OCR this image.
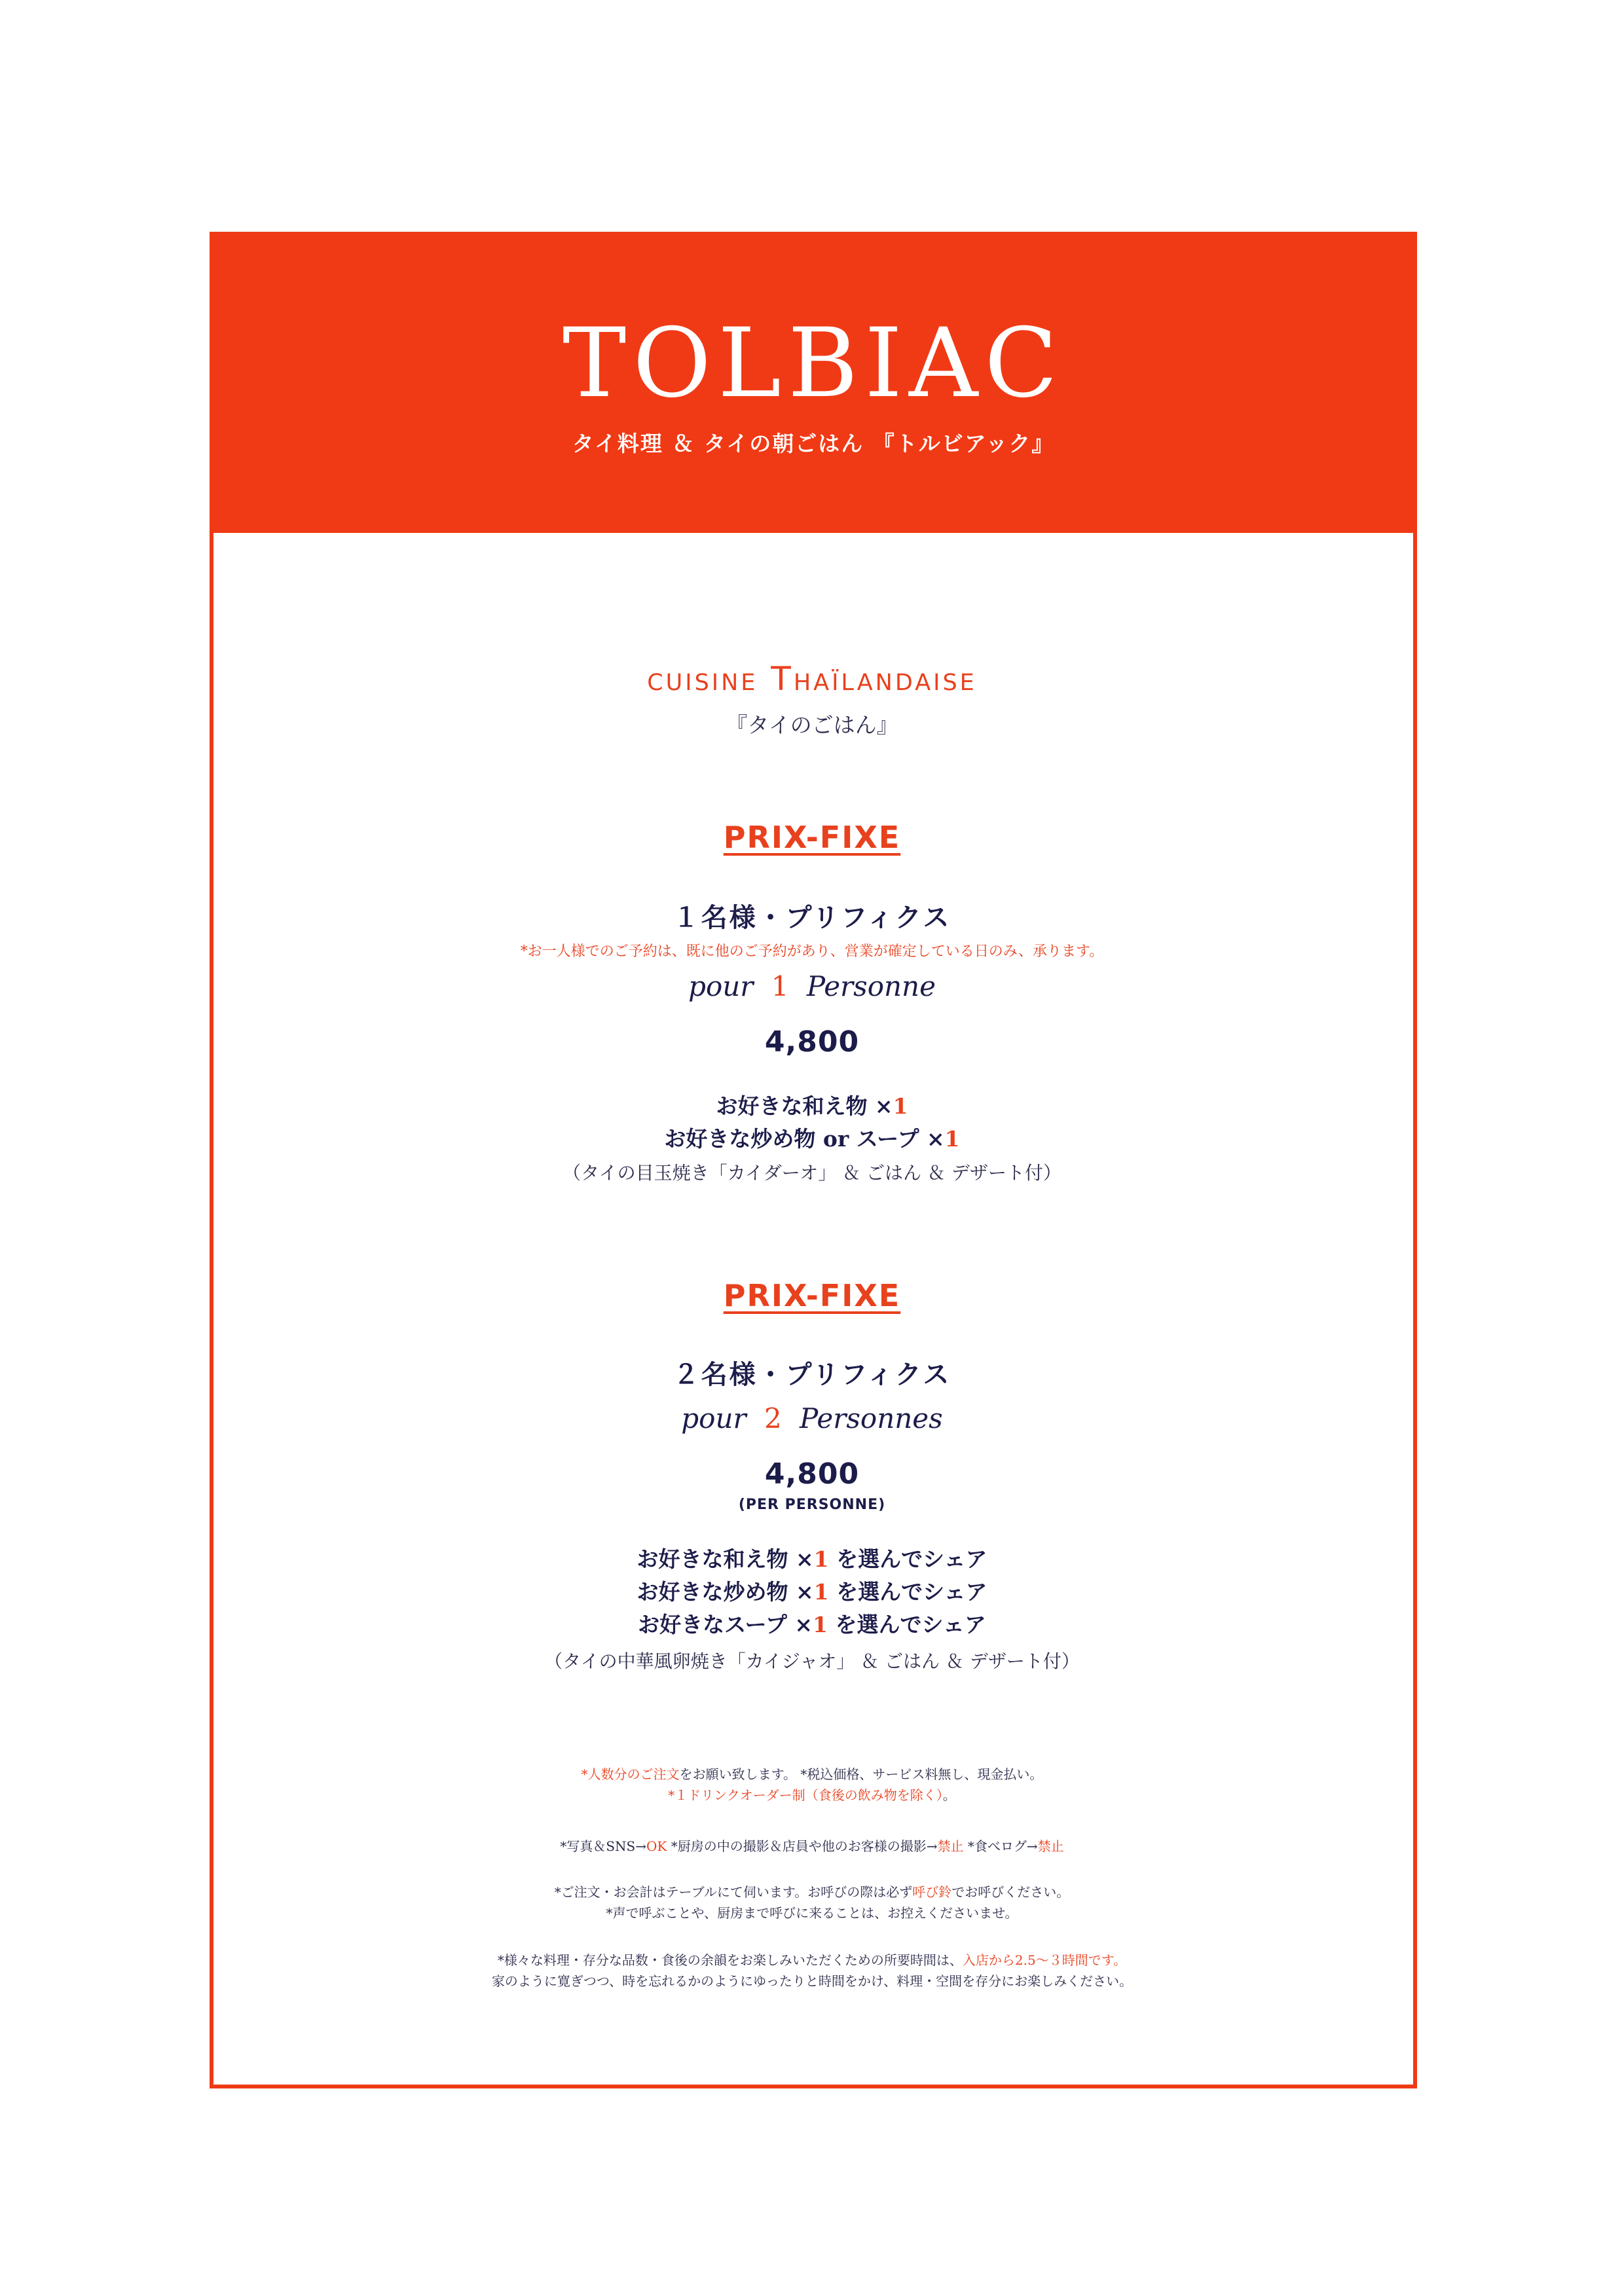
TOLBIAC
タイ料理 ＆ タイの朝ごはん 『トルビアック』
cuisine Thaïlandaise
『タイのごはん』
PRIX-FIXE
１名様・プリフィクス
*お一人様でのご予約は、既に他のご予約があり、営業が確定している日のみ、承ります。
pour 1 Personne
4,800
お好きな和え物 ×1
お好きな炒め物 or スープ ×1
（タイの目玉焼き「カイダーオ」 ＆ ごはん ＆ デザート付）
PRIX-FIXE
２名様・プリフィクス
pour 2 Personnes
4,800
(PER PERSONNE)
お好きな和え物 ×1 を選んでシェア
お好きな炒め物 ×1 を選んでシェア
お好きなスープ ×1 を選んでシェア
（タイの中華風卵焼き「カイジャオ」 ＆ ごはん ＆ デザート付）
*人数分のご注文をお願い致します。 *税込価格、サービス料無し、現金払い。
*１ドリンクオーダー制（食後の飲み物を除く）。
*写真＆SNS→OK *厨房の中の撮影＆店員や他のお客様の撮影→禁止 *食べログ→禁止
*ご注文・お会計はテーブルにて伺います。お呼びの際は必ず呼び鈴でお呼びください。
*声で呼ぶことや、厨房まで呼びに来ることは、お控えくださいませ。
*様々な料理・存分な品数・食後の余韻をお楽しみいただくための所要時間は、入店から2.5〜３時間です。
家のように寛ぎつつ、時を忘れるかのようにゆったりと時間をかけ、料理・空間を存分にお楽しみください。
